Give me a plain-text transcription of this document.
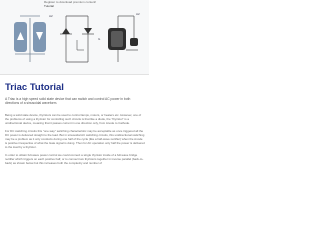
Register to download premium content!
Tutorial
A2
G
A2
Triac Tutorial
A Triac is a high speed solid state device that can switch and control AC power in both directions of a sinusoidal waveform.

Being a solid state device, thyristors can be used to control lamps, motors, or heaters etc. However, one of the problems of using a thyristor for controlling such circuits is that like a diode, the "thyristor" is a unidirectional device, meaning that it passes current in one direction only, from Anode to Cathode.

For DC switching circuits this "one-way" switching characteristic may be acceptable as once triggered all the DC power is delivered straight to the load. But in sinusoidal AC switching circuits, this unidirectional switching may be a problem as it only conducts during one half of the cycle (like a half-wave rectifier) when the Anode is positive irrespective of what the Gate signal is doing. Then for AC operation only half the power is delivered to the load by a thyristor.

In order to obtain full-wave power control we could connect a single thyristor inside of a full-wave bridge rectifier which triggers on each positive half, or to connect two thyristors together in inverse parallel (back-to-back) as shown below but this increases both the complexity and number of
